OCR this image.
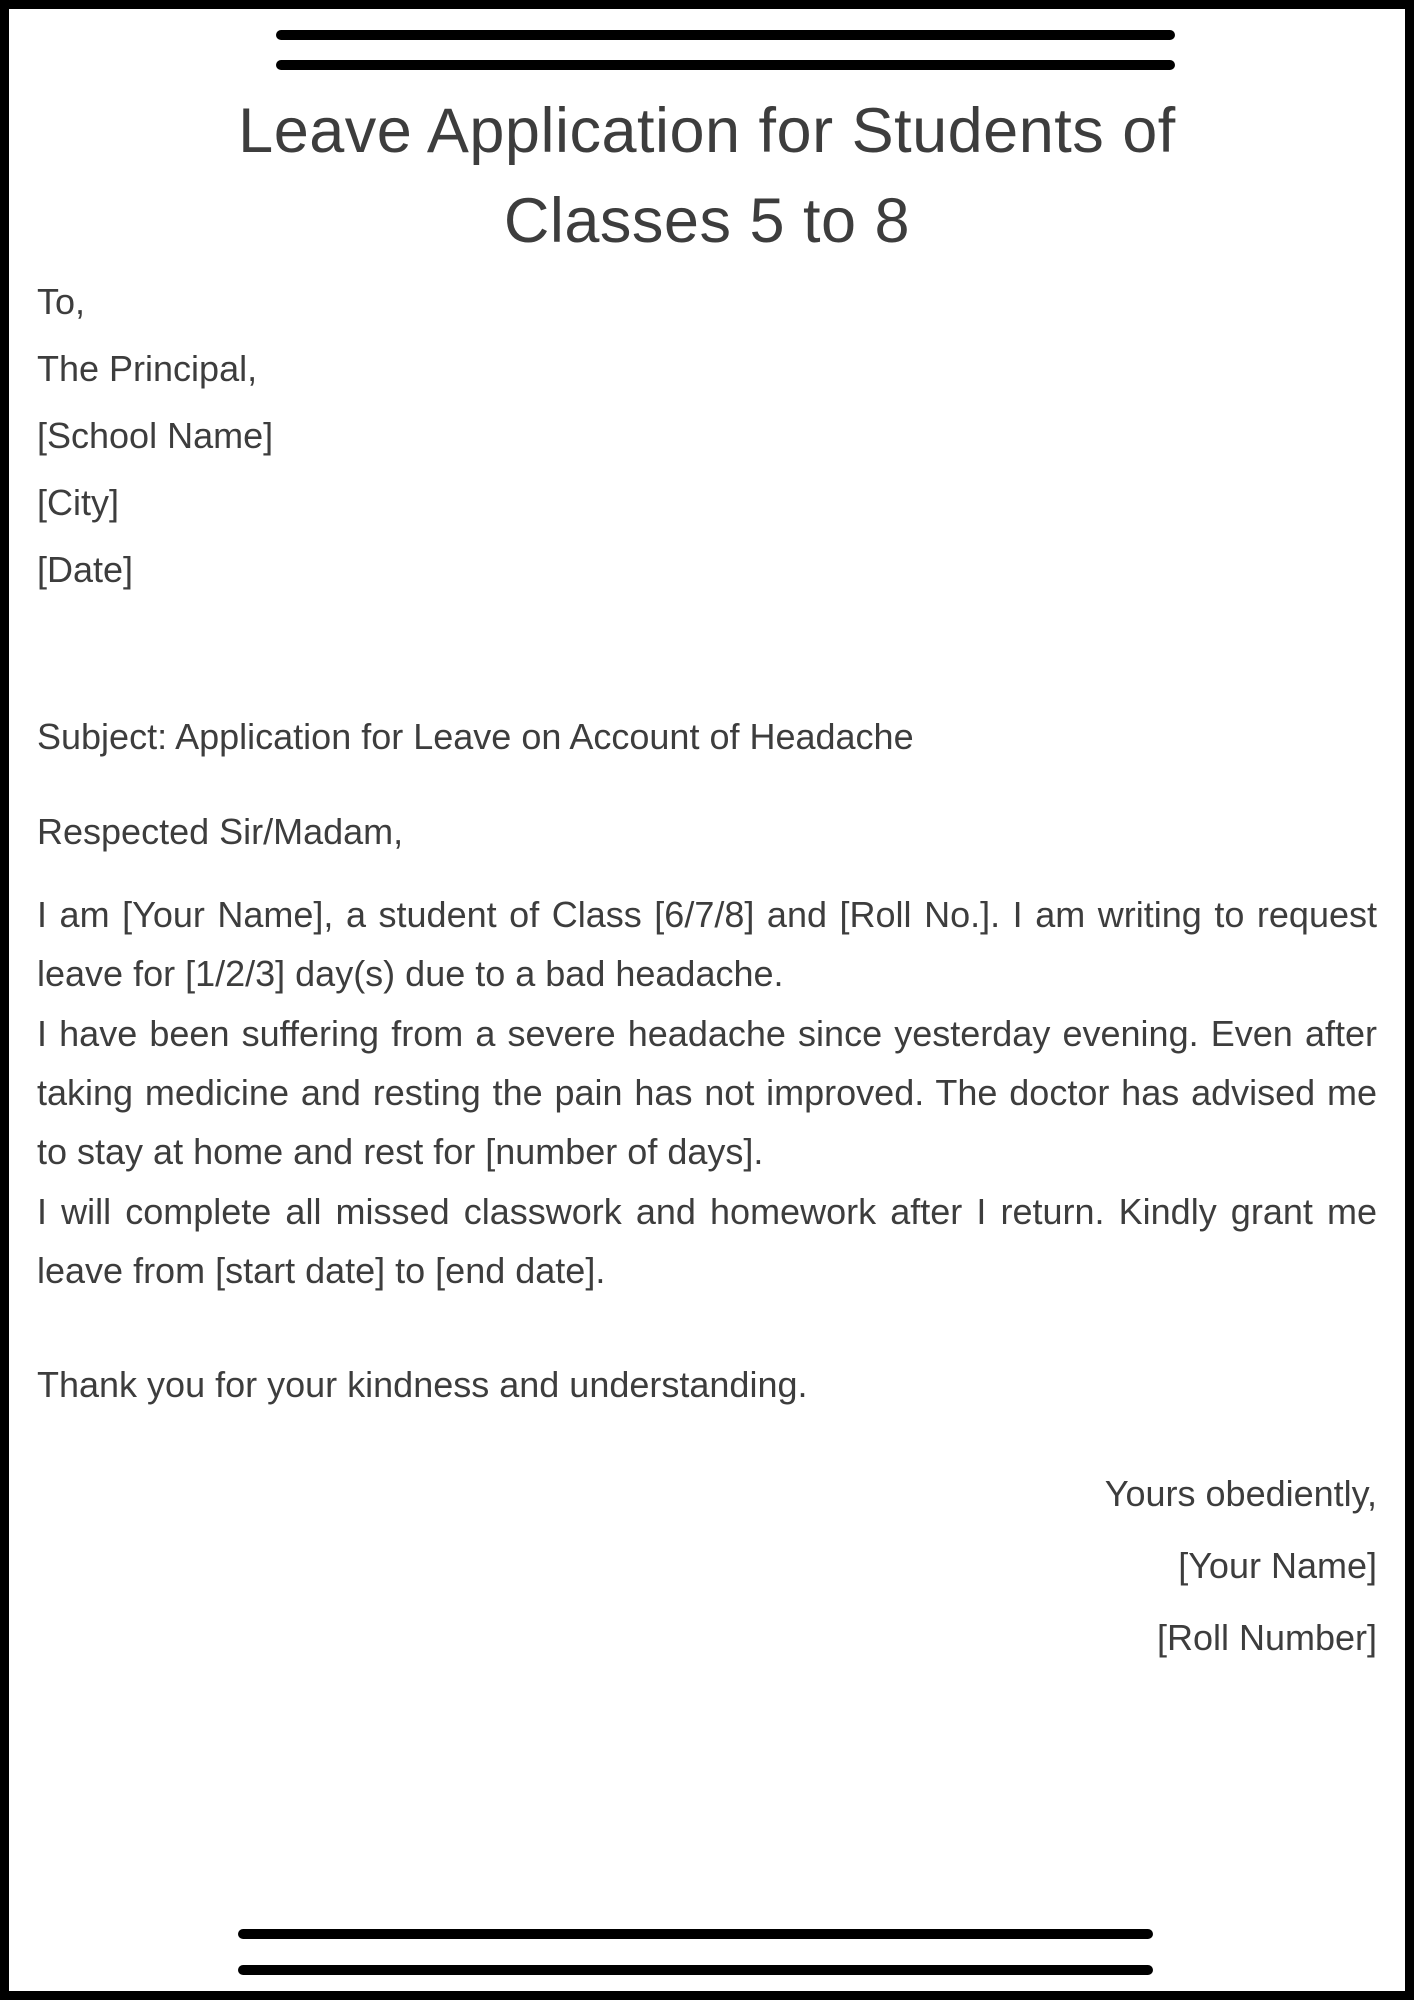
Leave Application for Students of
Classes 5 to 8
To,
The Principal,
[School Name]
[City]
[Date]

Subject: Application for Leave on Account of Headache

Respected Sir/Madam,

I am [Your Name], a student of Class [6/7/8] and [Roll No.]. I am writing to request leave for [1/2/3] day(s) due to a bad headache.

I have been suffering from a severe headache since yesterday evening. Even after taking medicine and resting the pain has not improved. The doctor has advised me to stay at home and rest for [number of days].

I will complete all missed classwork and homework after I return. Kindly grant me leave from [start date] to [end date].

Thank you for your kindness and understanding.

Yours obediently,
[Your Name]
[Roll Number]
